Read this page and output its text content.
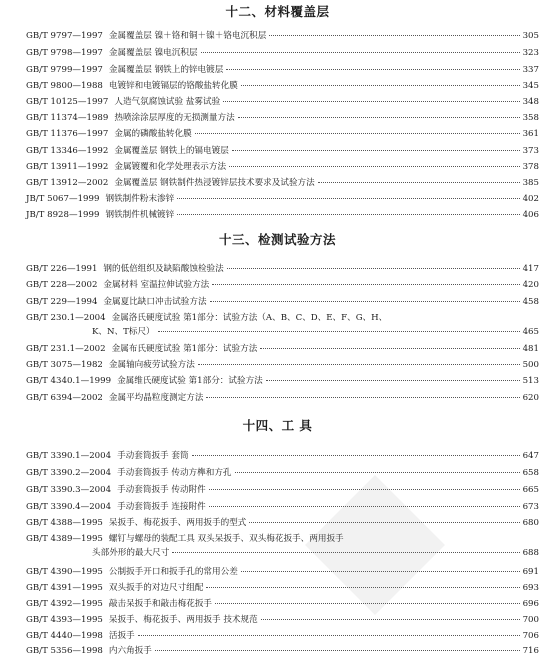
十二、材料覆盖层
GB/T 9797—1997 金属覆盖层 镍＋铬和铜＋镍＋铬电沉积层	305
GB/T 9798—1997 金属覆盖层 镍电沉积层	323
GB/T 9799—1997 金属覆盖层 钢铁上的锌电镀层	337
GB/T 9800—1988 电镀锌和电镀镉层的铬酸盐转化膜	345
GB/T 10125—1997 人造气氛腐蚀试验 盐雾试验	348
GB/T 11374—1989 热喷涂涂层厚度的无损测量方法	358
GB/T 11376—1997 金属的磷酸盐转化膜	361
GB/T 13346—1992 金属覆盖层 钢铁上的镉电镀层	373
GB/T 13911—1992 金属镀覆和化学处理表示方法	378
GB/T 13912—2002 金属覆盖层 钢铁制件热浸镀锌层技术要求及试验方法	385
JB/T 5067—1999 钢铁制件粉末渗锌	402
JB/T 8928—1999 钢铁制件机械镀锌	406
十三、检测试验方法
GB/T 226—1991 钢的低倍组织及缺陷酸蚀检验法	417
GB/T 228—2002 金属材料 室温拉伸试验方法	420
GB/T 229—1994 金属夏比缺口冲击试验方法	458
GB/T 230.1—2004 金属洛氏硬度试验 第1部分：试验方法（A、B、C、D、E、F、G、H、
K、N、T标尺）	465
GB/T 231.1—2002 金属布氏硬度试验 第1部分：试验方法	481
GB/T 3075—1982 金属轴向疲劳试验方法	500
GB/T 4340.1—1999 金属维氏硬度试验 第1部分：试验方法	513
GB/T 6394—2002 金属平均晶粒度测定方法	620
十四、工 具
GB/T 3390.1—2004 手动套筒扳手 套筒	647
GB/T 3390.2—2004 手动套筒扳手 传动方榫和方孔	658
GB/T 3390.3—2004 手动套筒扳手 传动附件	665
GB/T 3390.4—2004 手动套筒扳手 连接附件	673
GB/T 4388—1995 呆扳手、梅花扳手、两用扳手的型式	680
GB/T 4389—1995 螺钉与螺母的装配工具 双头呆扳手、双头梅花扳手、两用扳手
头部外形的最大尺寸	688
GB/T 4390—1995 公制扳手开口和扳手孔的常用公差	691
GB/T 4391—1995 双头扳手的对边尺寸组配	693
GB/T 4392—1995 敲击呆扳手和敲击梅花扳手	696
GB/T 4393—1995 呆扳手、梅花扳手、两用扳手 技术规范	700
GB/T 4440—1998 活扳手	706
GB/T 5356—1998 内六角扳手	716
